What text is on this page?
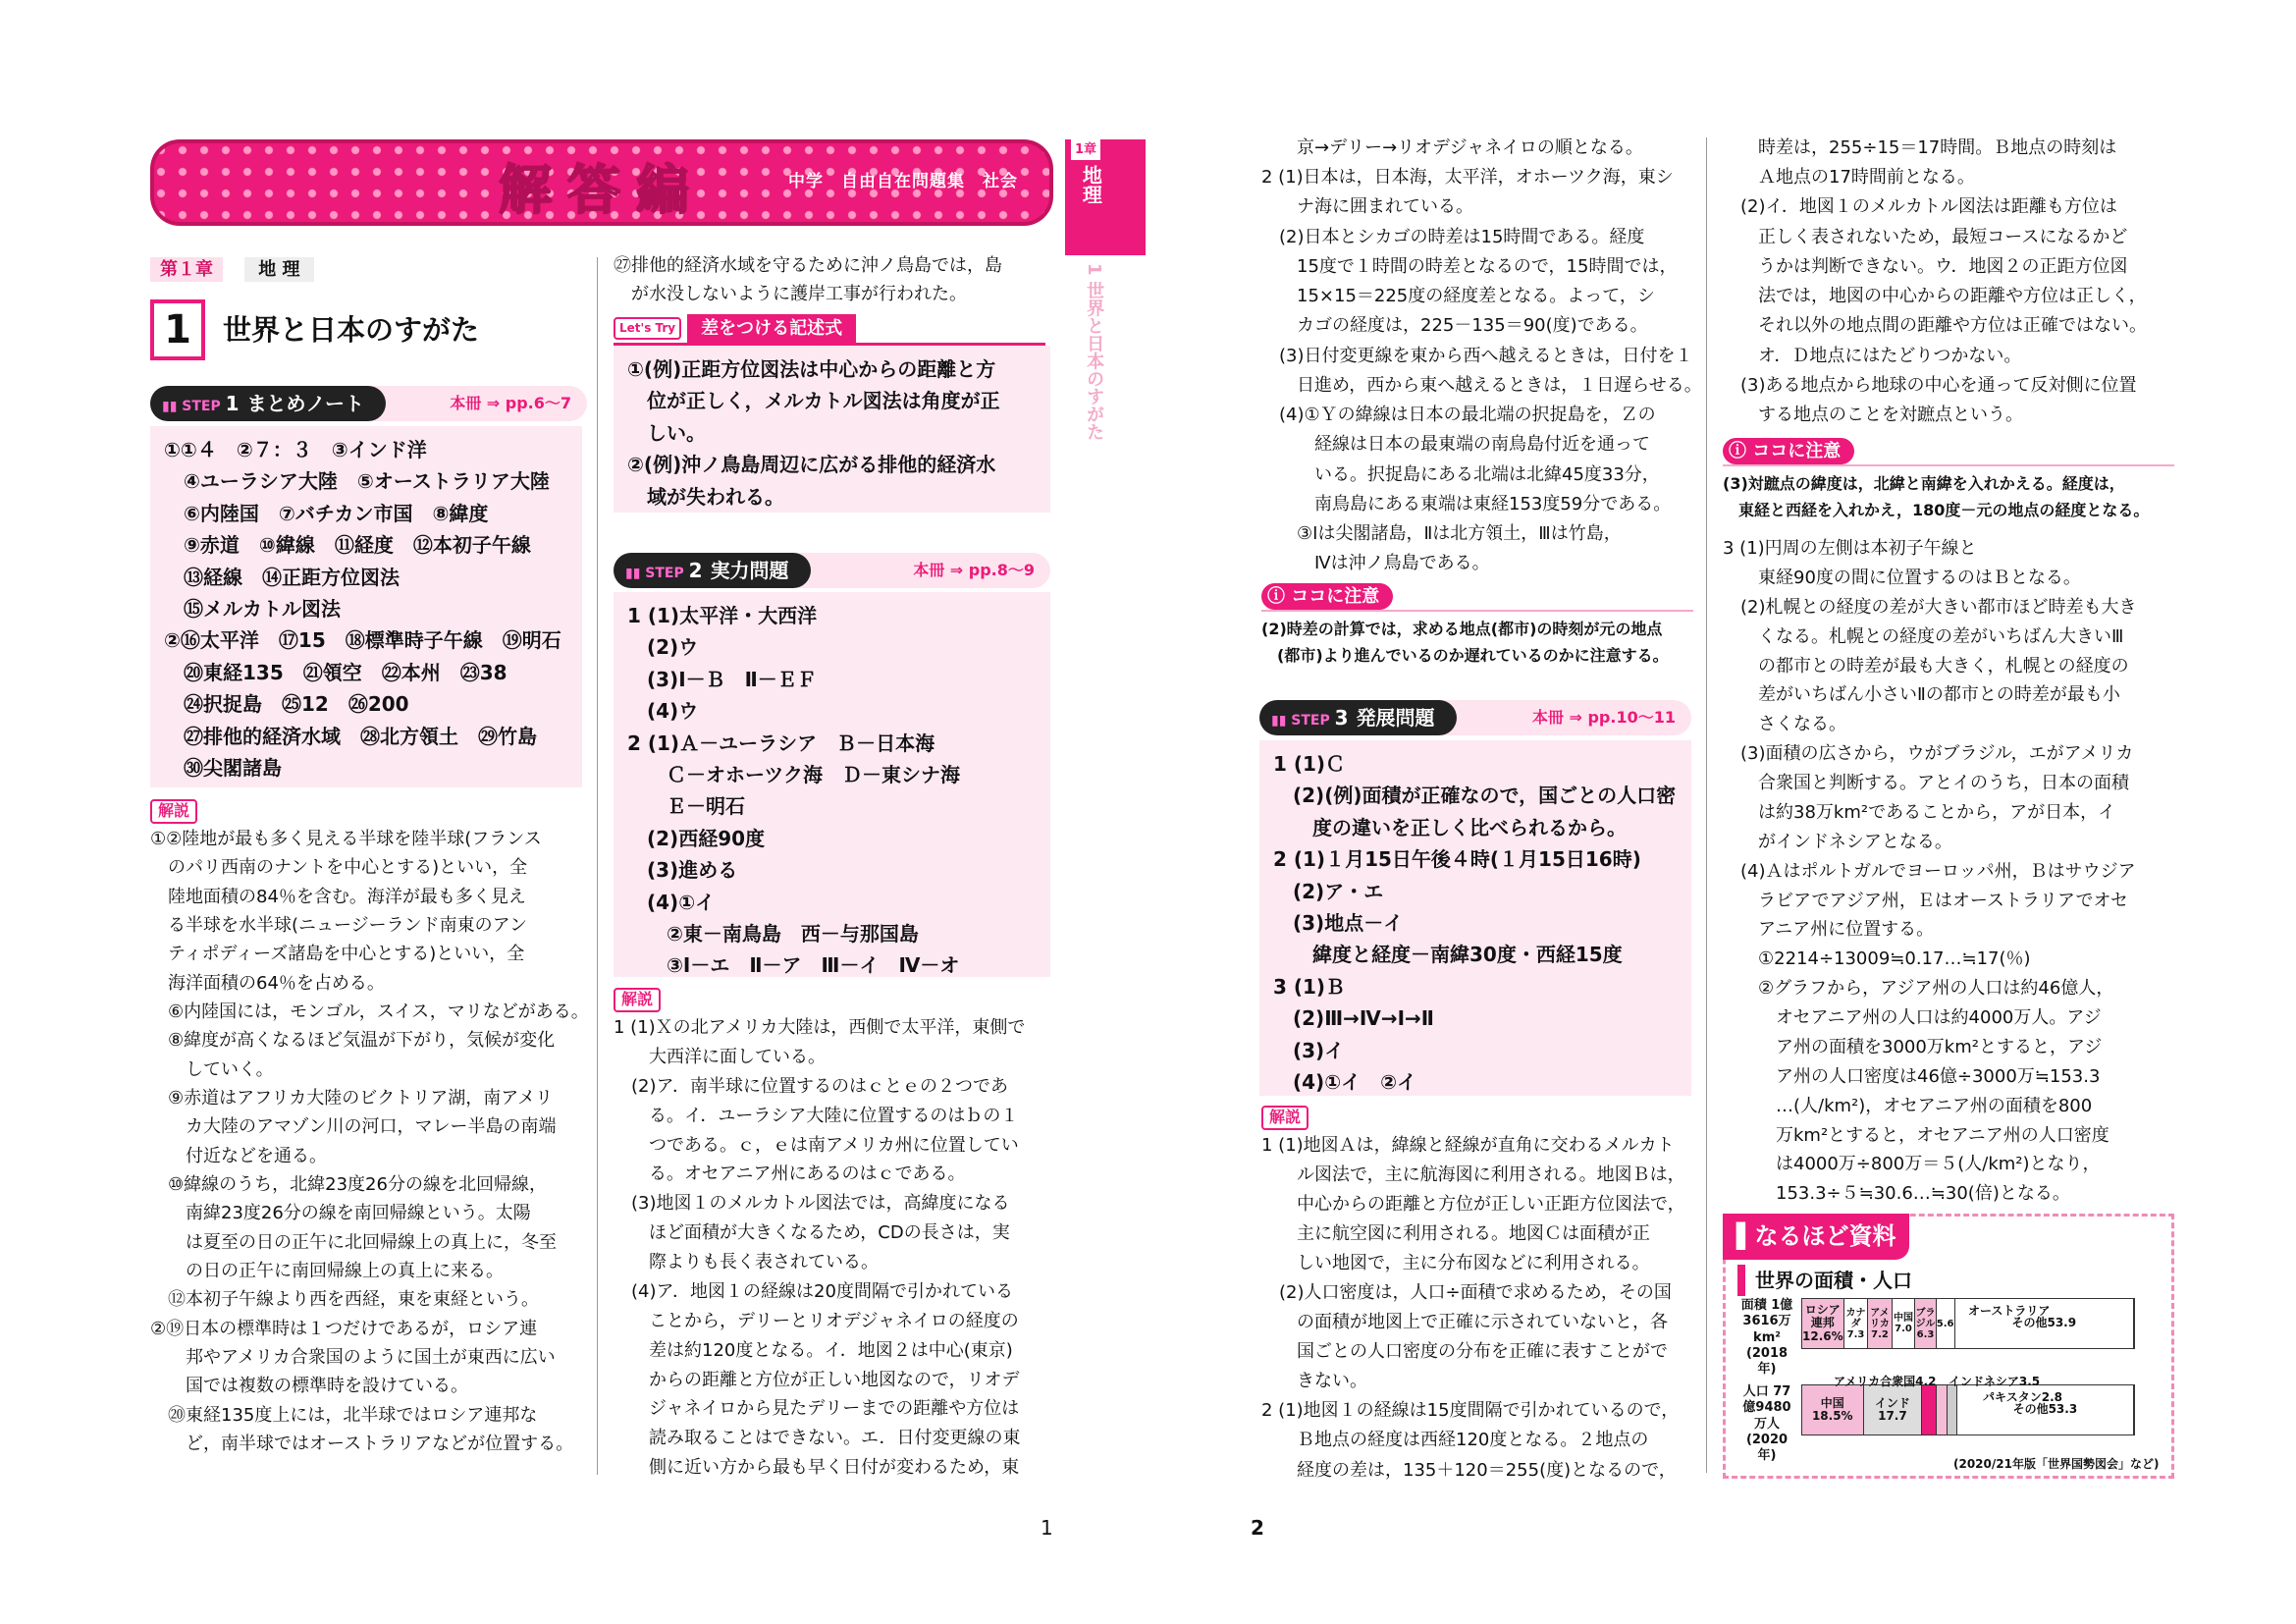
解答編	中学　自由自在問題集　社会
1章
地理
1 世界と日本のすがた
第１章	地 理
1	世界と日本のすがた
▮▮ STEP 1 まとめノート	本冊 ⇒ pp.6〜7
①①４　②７：３　③インド洋
　④ユーラシア大陸　⑤オーストラリア大陸
　⑥内陸国　⑦バチカン市国　⑧緯度
　⑨赤道　⑩緯線　⑪経度　⑫本初子午線
　⑬経線　⑭正距方位図法
　⑮メルカトル図法
②⑯太平洋　⑰15　⑱標準時子午線　⑲明石
　⑳東経135　㉑領空　㉒本州　㉓38
　㉔択捉島　㉕12　㉖200
　㉗排他的経済水域　㉘北方領土　㉙竹島
　㉚尖閣諸島
解説
①②陸地が最も多く見える半球を陸半球(フランス
　のパリ西南のナントを中心とする)といい，全
　陸地面積の84％を含む。海洋が最も多く見え
　る半球を水半球(ニュージーランド南東のアン
　ティポディーズ諸島を中心とする)といい，全
　海洋面積の64％を占める。
　⑥内陸国には，モンゴル，スイス，マリなどがある。
　⑧緯度が高くなるほど気温が下がり，気候が変化
　　していく。
　⑨赤道はアフリカ大陸のビクトリア湖，南アメリ
　　カ大陸のアマゾン川の河口，マレー半島の南端
　　付近などを通る。
　⑩緯線のうち，北緯23度26分の線を北回帰線，
　　南緯23度26分の線を南回帰線という。太陽
　　は夏至の日の正午に北回帰線上の真上に，冬至
　　の日の正午に南回帰線上の真上に来る。
　⑫本初子午線より西を西経，東を東経という。
②⑲日本の標準時は１つだけであるが，ロシア連
　　邦やアメリカ合衆国のように国土が東西に広い
　　国では複数の標準時を設けている。
　⑳東経135度上には，北半球ではロシア連邦な
　　ど，南半球ではオーストラリアなどが位置する。
㉗排他的経済水域を守るために沖ノ鳥島では，島
　が水没しないように護岸工事が行われた。
Let's Try	差をつける記述式
①(例)正距方位図法は中心からの距離と方
　位が正しく，メルカトル図法は角度が正
　しい。
②(例)沖ノ鳥島周辺に広がる排他的経済水
　域が失われる。
▮▮ STEP 2 実力問題	本冊 ⇒ pp.8〜9
1 (1)太平洋・大西洋
　(2)ウ
　(3)Ⅰ－Ｂ　Ⅱ－ＥＦ
　(4)ウ
2 (1)Ａ－ユーラシア　Ｂ－日本海
　　Ｃ－オホーツク海　Ｄ－東シナ海
　　Ｅ－明石
　(2)西経90度
　(3)進める
　(4)①イ
　　②東－南鳥島　西－与那国島
　　③Ⅰ－エ　Ⅱ－ア　Ⅲ－イ　Ⅳ－オ
解説
1 (1)Ｘの北アメリカ大陸は，西側で太平洋，東側で
　　大西洋に面している。
　(2)ア．南半球に位置するのはｃとｅの２つであ
　　る。イ．ユーラシア大陸に位置するのはｂの１
　　つである。ｃ，ｅは南アメリカ州に位置してい
　　る。オセアニア州にあるのはｃである。
　(3)地図１のメルカトル図法では，高緯度になる
　　ほど面積が大きくなるため，CDの長さは，実
　　際よりも長く表されている。
　(4)ア．地図１の経線は20度間隔で引かれている
　　ことから，デリーとリオデジャネイロの経度の
　　差は約120度となる。イ．地図２は中心(東京)
　　からの距離と方位が正しい地図なので，リオデ
　　ジャネイロから見たデリーまでの距離や方位は
　　読み取ることはできない。エ．日付変更線の東
　　側に近い方から最も早く日付が変わるため，東
　　京→デリー→リオデジャネイロの順となる。
2 (1)日本は，日本海，太平洋，オホーツク海，東シ
　　ナ海に囲まれている。
　(2)日本とシカゴの時差は15時間である。経度
　　15度で１時間の時差となるので，15時間では，
　　15×15＝225度の経度差となる。よって，シ
　　カゴの経度は，225－135＝90(度)である。
　(3)日付変更線を東から西へ越えるときは，日付を１
　　日進め，西から東へ越えるときは，１日遅らせる。
　(4)①Ｙの緯線は日本の最北端の択捉島を，Ｚの
　　　経線は日本の最東端の南鳥島付近を通って
　　　いる。択捉島にある北端は北緯45度33分，
　　　南鳥島にある東端は東経153度59分である。
　　③Ⅰは尖閣諸島，Ⅱは北方領土，Ⅲは竹島，
　　　Ⅳは沖ノ鳥島である。
ⓘ ココに注意
(2)時差の計算では，求める地点(都市)の時刻が元の地点
　(都市)より進んでいるのか遅れているのかに注意する。
▮▮ STEP 3 発展問題	本冊 ⇒ pp.10〜11
1 (1)Ｃ
　(2)(例)面積が正確なので，国ごとの人口密
　　度の違いを正しく比べられるから。
2 (1)１月15日午後４時(１月15日16時)
　(2)ア・エ
　(3)地点－イ
　　緯度と経度－南緯30度・西経15度
3 (1)Ｂ
　(2)Ⅲ→Ⅳ→Ⅰ→Ⅱ
　(3)イ
　(4)①イ　②イ
解説
1 (1)地図Ａは，緯線と経線が直角に交わるメルカト
　　ル図法で，主に航海図に利用される。地図Ｂは，
　　中心からの距離と方位が正しい正距方位図法で，
　　主に航空図に利用される。地図Ｃは面積が正
　　しい地図で，主に分布図などに利用される。
　(2)人口密度は，人口÷面積で求めるため，その国
　　の面積が地図上で正確に示されていないと，各
　　国ごとの人口密度の分布を正確に表すことがで
　　きない。
2 (1)地図１の経線は15度間隔で引かれているので，
　　Ｂ地点の経度は西経120度となる。２地点の
　　経度の差は，135＋120＝255(度)となるので，
　　時差は，255÷15＝17時間。Ｂ地点の時刻は
　　Ａ地点の17時間前となる。
　(2)イ．地図１のメルカトル図法は距離も方位は
　　正しく表されないため，最短コースになるかど
　　うかは判断できない。ウ．地図２の正距方位図
　　法では，地図の中心からの距離や方位は正しく，
　　それ以外の地点間の距離や方位は正確ではない。
　　オ．Ｄ地点にはたどりつかない。
　(3)ある地点から地球の中心を通って反対側に位置
　　する地点のことを対蹠点という。
ⓘ ココに注意
(3)対蹠点の緯度は，北緯と南緯を入れかえる。経度は，
　東経と西経を入れかえ，180度－元の地点の経度となる。
3 (1)円周の左側は本初子午線と
　　東経90度の間に位置するのはＢとなる。
　(2)札幌との経度の差が大きい都市ほど時差も大き
　　くなる。札幌との経度の差がいちばん大きいⅢ
　　の都市との時差が最も大きく，札幌との経度の
　　差がいちばん小さいⅡの都市との時差が最も小
　　さくなる。
　(3)面積の広さから，ウがブラジル，エがアメリカ
　　合衆国と判断する。アとイのうち，日本の面積
　　は約38万km²であることから，アが日本，イ
　　がインドネシアとなる。
　(4)Ａはポルトガルでヨーロッパ州，Ｂはサウジア
　　ラビアでアジア州，Ｅはオーストラリアでオセ
　　アニア州に位置する。
　　①2214÷13009≒0.17…≒17(％)
　　②グラフから，アジア州の人口は約46億人，
　　　オセアニア州の人口は約4000万人。アジ
　　　ア州の面積を3000万km²とすると，アジ
　　　ア州の人口密度は46億÷3000万≒153.3
　　　…(人/km²)，オセアニア州の面積を800
　　　万km²とすると，オセアニア州の人口密度
　　　は4000万÷800万＝５(人/km²)となり，
　　　153.3÷５≒30.6…≒30(倍)となる。
▌なるほど資料
世界の面積・人口
面積 1億3616万km² (2018年)
ロシア連邦 12.6%
カナダ 7.3
アメリカ 7.2
中国 7.0
ブラジル 6.3
5.6	その他53.9
人口 77億9480万人 (2020年)
中国 18.5%
インド 17.7	その他53.3
オーストラリア
アメリカ合衆国4.2 インドネシア3.5
パキスタン2.8
(2020/21年版「世界国勢図会」など)
1	2
